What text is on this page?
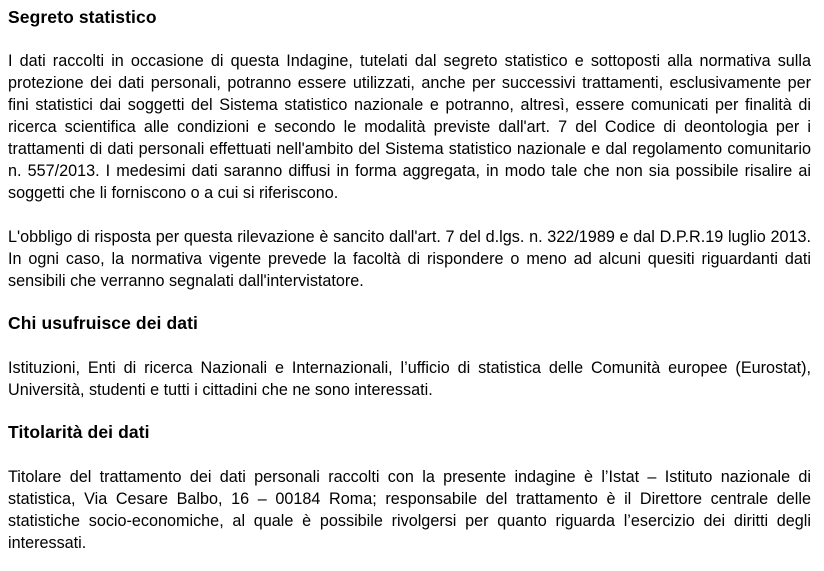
Segreto statistico

I dati raccolti in occasione di questa Indagine, tutelati dal segreto statistico e sottoposti alla normativa sulla protezione dei dati personali, potranno essere utilizzati, anche per successivi trattamenti, esclusivamente per fini statistici dai soggetti del Sistema statistico nazionale e potranno, altresì, essere comunicati per finalità di ricerca scientifica alle condizioni e secondo le modalità previste dall'art. 7 del Codice di deontologia per i trattamenti di dati personali effettuati nell'ambito del Sistema statistico nazionale e dal regolamento comunitario n. 557/2013. I medesimi dati saranno diffusi in forma aggregata, in modo tale che non sia possibile risalire ai soggetti che li forniscono o a cui si riferiscono.

L'obbligo di risposta per questa rilevazione è sancito dall'art. 7 del d.lgs. n. 322/1989 e dal D.P.R.19 luglio 2013. In ogni caso, la normativa vigente prevede la facoltà di rispondere o meno ad alcuni quesiti riguardanti dati sensibili che verranno segnalati dall'intervistatore.

Chi usufruisce dei dati

Istituzioni, Enti di ricerca Nazionali e Internazionali, l’ufficio di statistica delle Comunità europee (Eurostat), Università, studenti e tutti i cittadini che ne sono interessati.

Titolarità dei dati

Titolare del trattamento dei dati personali raccolti con la presente indagine è l’Istat – Istituto nazionale di statistica, Via Cesare Balbo, 16 – 00184 Roma; responsabile del trattamento è il Direttore centrale delle statistiche socio-economiche, al quale è possibile rivolgersi per quanto riguarda l’esercizio dei diritti degli interessati.
